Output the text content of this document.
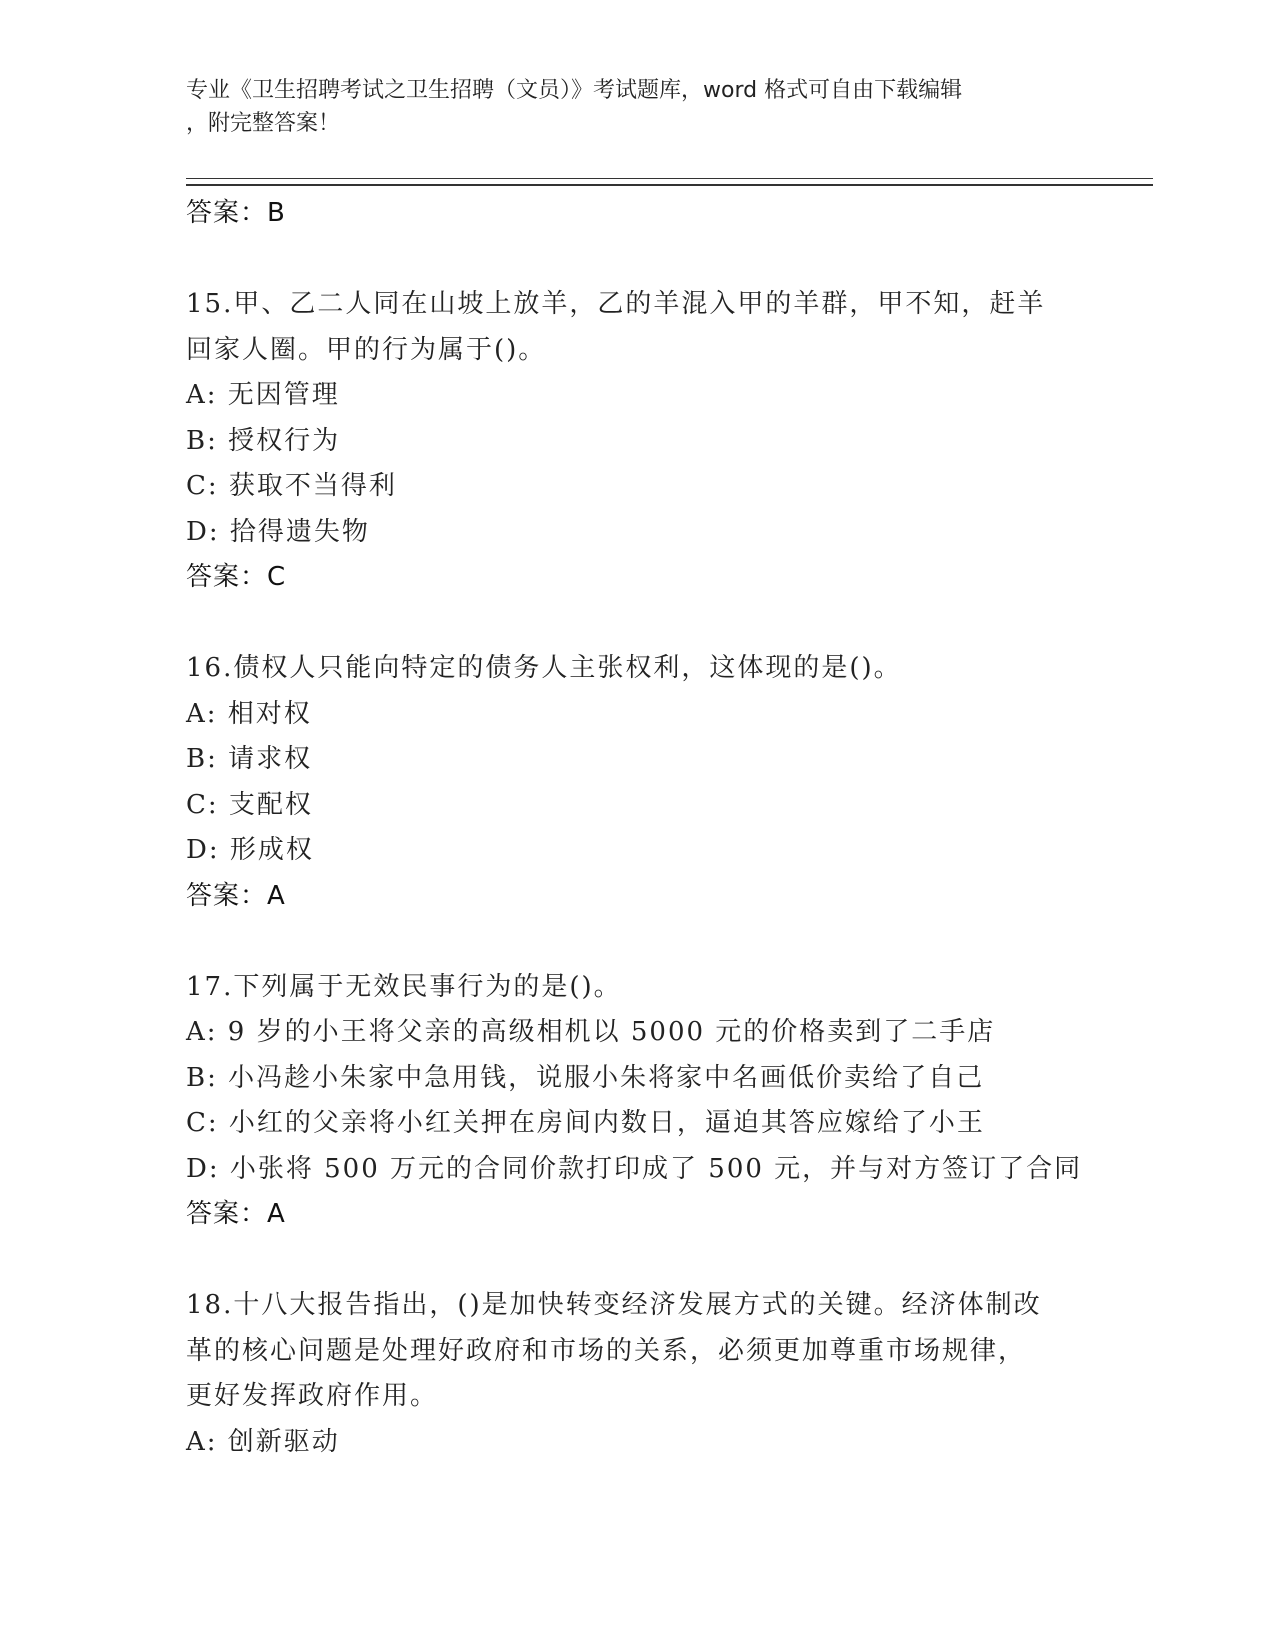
专业《卫生招聘考试之卫生招聘（文员）》考试题库，word 格式可自由下载编辑
，附完整答案！
答案：B
15.甲、乙二人同在山坡上放羊，乙的羊混入甲的羊群，甲不知，赶羊
回家人圈。甲的行为属于()。
A: 无因管理
B: 授权行为
C: 获取不当得利
D: 拾得遗失物
答案：C
16.债权人只能向特定的债务人主张权利，这体现的是()。
A: 相对权
B: 请求权
C: 支配权
D: 形成权
答案：A
17.下列属于无效民事行为的是()。
A: 9 岁的小王将父亲的高级相机以 5000 元的价格卖到了二手店
B: 小冯趁小朱家中急用钱，说服小朱将家中名画低价卖给了自己
C: 小红的父亲将小红关押在房间内数日，逼迫其答应嫁给了小王
D: 小张将 500 万元的合同价款打印成了 500 元，并与对方签订了合同
答案：A
18.十八大报告指出，()是加快转变经济发展方式的关键。经济体制改
革的核心问题是处理好政府和市场的关系，必须更加尊重市场规律，
更好发挥政府作用。
A: 创新驱动
